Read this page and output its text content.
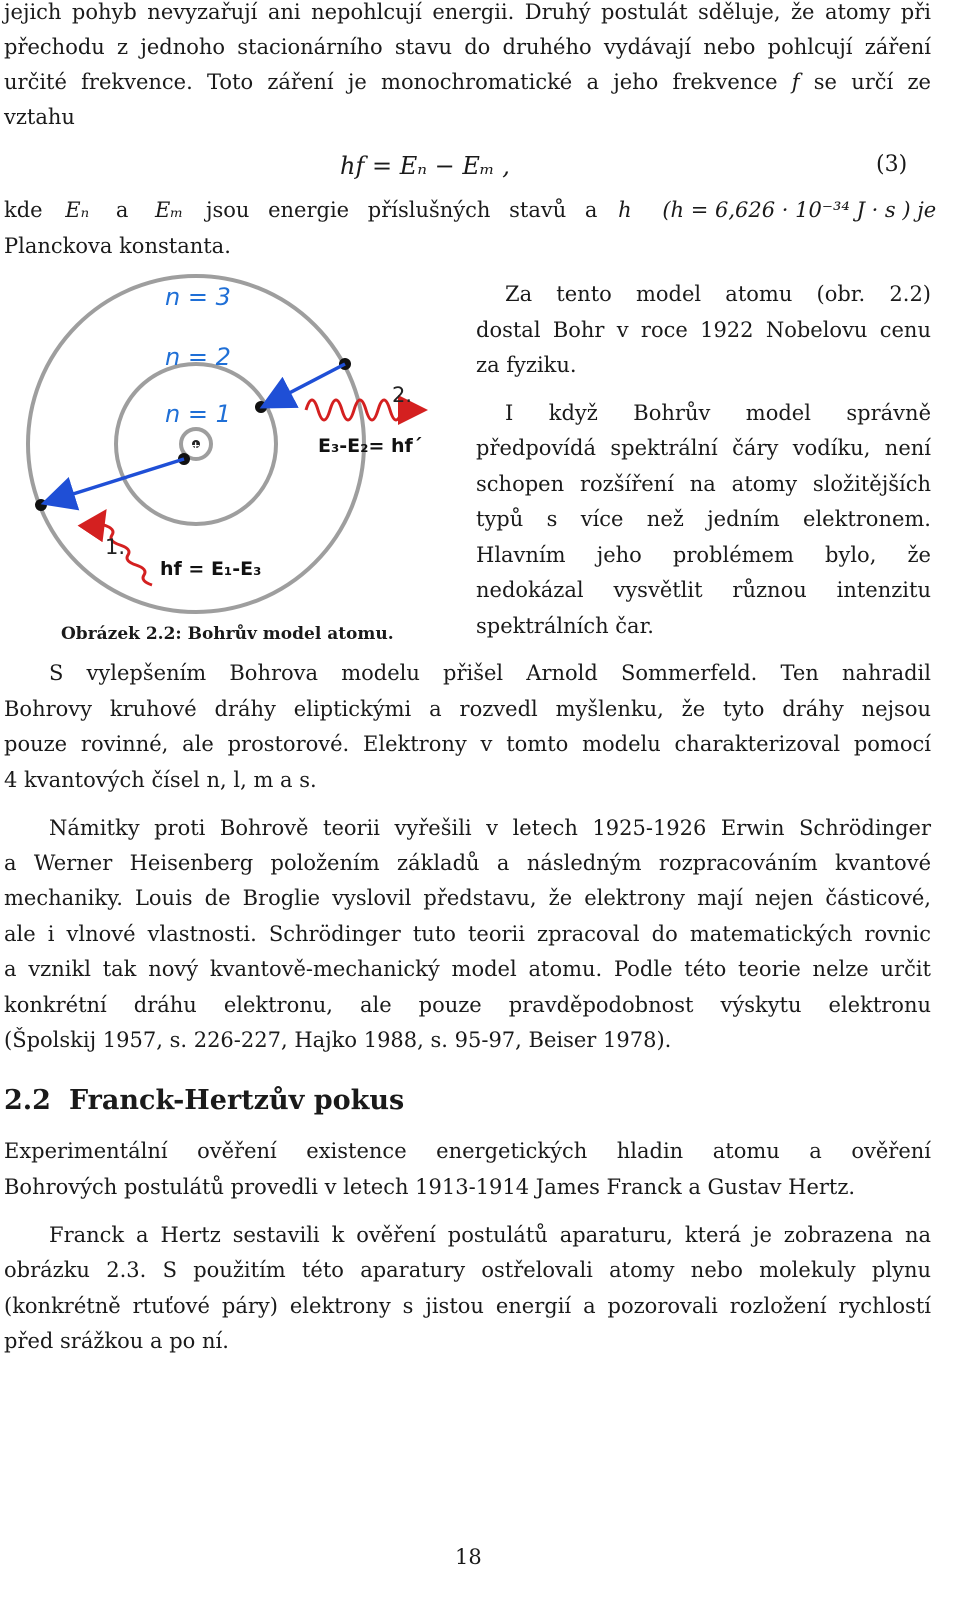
jejich pohyb nevyzařují ani nepohlcují energii. Druhý postulát sděluje, že atomy při
přechodu z jednoho stacionárního stavu do druhého vydávají nebo pohlcují záření
určité frekvence. Toto záření je monochromatické a jeho frekvence f se určí ze
vztahu
hf = Eₙ − Eₘ ,	(3)
kde Eₙ a Eₘ jsou energie příslušných stavů a h (h = 6,626 · 10⁻³⁴ J · s ) je
Planckova konstanta.
n = 3
n = 2
n = 1
+
1.
2.
E₃-E₂= hf´
hf = E₁-E₃
Obrázek 2.2: Bohrův model atomu.
Za tento model atomu (obr. 2.2)
dostal Bohr v roce 1922 Nobelovu cenu
za fyziku.
I když Bohrův model správně
předpovídá spektrální čáry vodíku, není
schopen rozšíření na atomy složitějších
typů s více než jedním elektronem.
Hlavním jeho problémem bylo, že
nedokázal vysvětlit různou intenzitu
spektrálních čar.
S vylepšením Bohrova modelu přišel Arnold Sommerfeld. Ten nahradil
Bohrovy kruhové dráhy eliptickými a rozvedl myšlenku, že tyto dráhy nejsou
pouze rovinné, ale prostorové. Elektrony v tomto modelu charakterizoval pomocí
4 kvantových čísel n, l, m a s.
Námitky proti Bohrově teorii vyřešili v letech 1925-1926 Erwin Schrödinger
a Werner Heisenberg položením základů a následným rozpracováním kvantové
mechaniky. Louis de Broglie vyslovil představu, že elektrony mají nejen částicové,
ale i vlnové vlastnosti. Schrödinger tuto teorii zpracoval do matematických rovnic
a vznikl tak nový kvantově-mechanický model atomu. Podle této teorie nelze určit
konkrétní dráhu elektronu, ale pouze pravděpodobnost výskytu elektronu
(Špolskij 1957, s. 226-227, Hajko 1988, s. 95-97, Beiser 1978).
2.2 Franck-Hertzův pokus
Experimentální ověření existence energetických hladin atomu a ověření
Bohrových postulátů provedli v letech 1913-1914 James Franck a Gustav Hertz.
Franck a Hertz sestavili k ověření postulátů aparaturu, která je zobrazena na
obrázku 2.3. S použitím této aparatury ostřelovali atomy nebo molekuly plynu
(konkrétně rtuťové páry) elektrony s jistou energií a pozorovali rozložení rychlostí
před srážkou a po ní.
18
